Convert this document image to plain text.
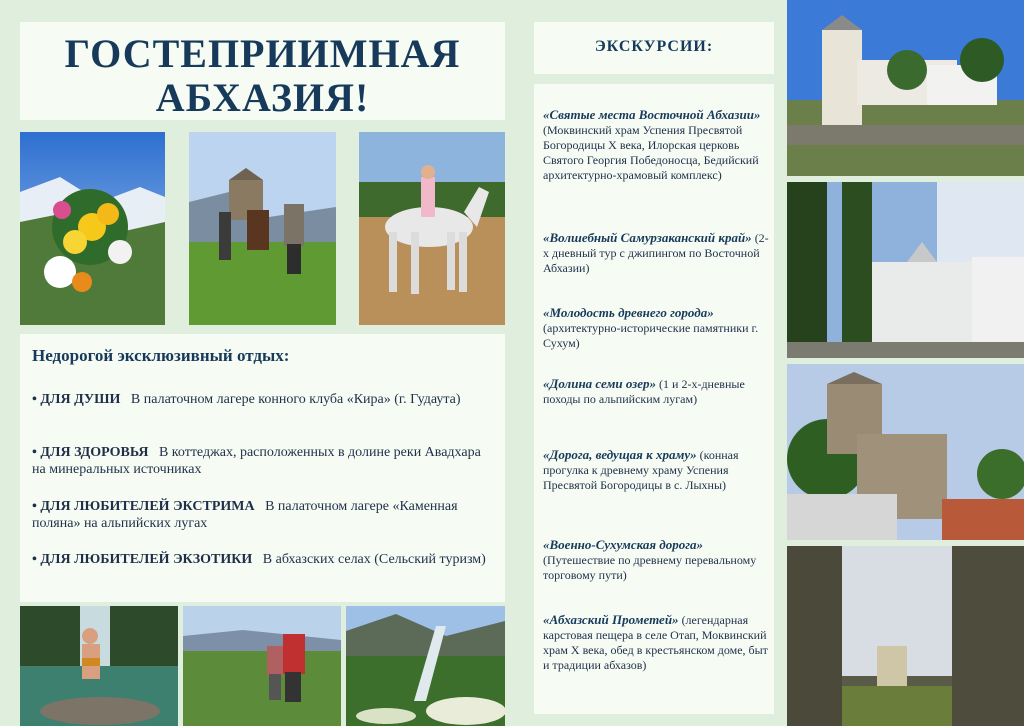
ГОСТЕПРИИМНАЯ
АБХАЗИЯ!
Недорогой эксклюзивный отдых:
• ДЛЯ ДУШИ В палаточном лагере конного клуба «Кира» (г. Гудаута)
• ДЛЯ ЗДОРОВЬЯ В коттеджах, расположенных в долине реки Авадхара на минеральных источниках
• ДЛЯ ЛЮБИТЕЛЕЙ ЭКСТРИМА В палаточном лагере «Каменная поляна» на альпийских лугах
• ДЛЯ ЛЮБИТЕЛЕЙ ЭКЗОТИКИ В абхазских селах (Сельский туризм)
ЭКСКУРСИИ:
«Святые места Восточной Абхазии» (Моквинский храм Успения Пресвятой Богородицы X века, Илорская церковь Святого Георгия Победоносца, Бедийский архитектурно-храмовый комплекс)
«Волшебный Самурзаканский край» (2-х дневный тур с джипингом по Восточной Абхазии)
«Молодость древнего города» (архитектурно-исторические памятники г. Сухум)
«Долина семи озер» (1 и 2-х-дневные походы по альпийским лугам)
«Дорога, ведущая к храму» (конная прогулка к древнему храму Успения Пресвятой Богородицы в с. Лыхны)
«Военно-Сухумская дорога» (Путешествие по древнему перевальному торговому пути)
«Абхазский Прометей» (легендарная карстовая пещера в селе Отап, Моквинский храм X века, обед в крестьянском доме, быт и традиции абхазов)
